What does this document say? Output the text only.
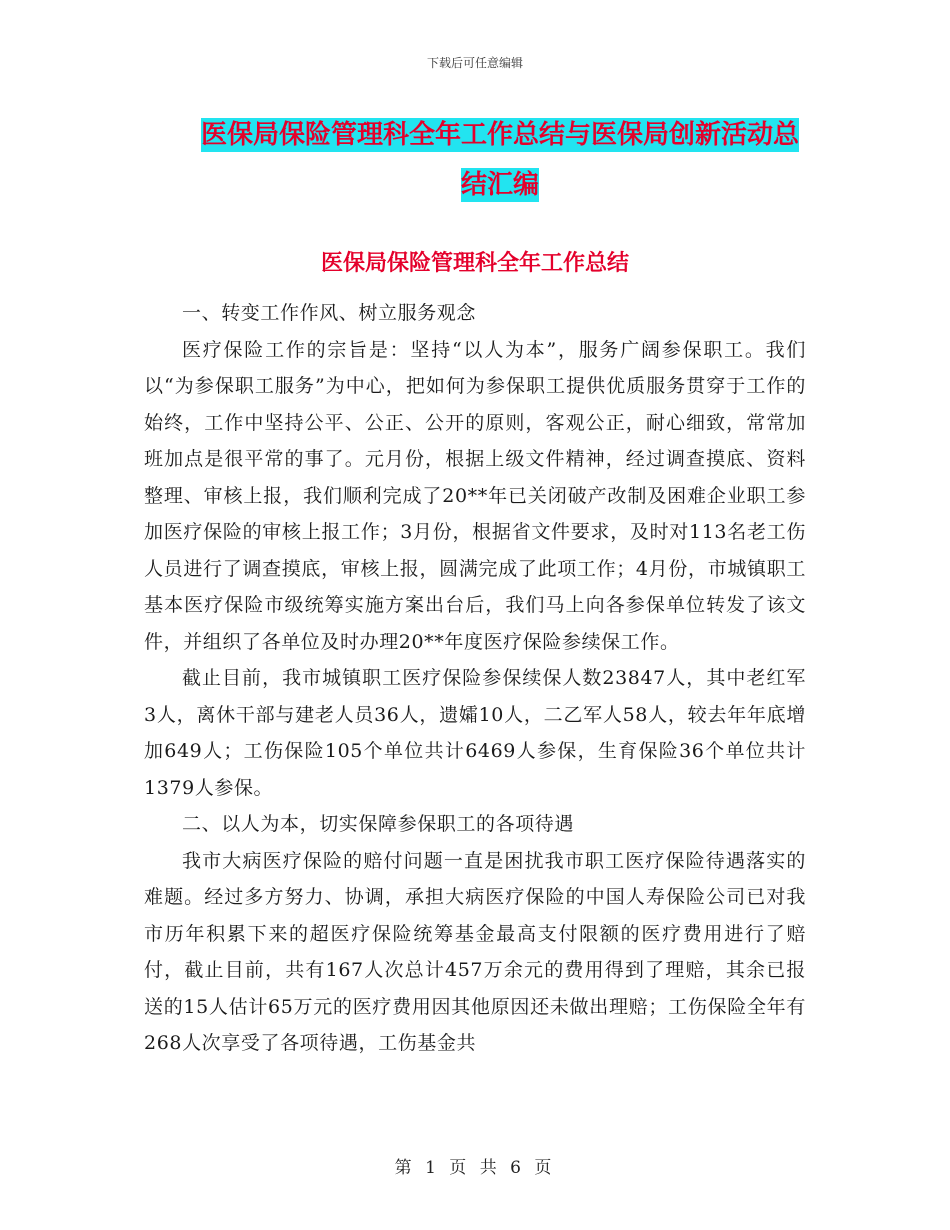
下载后可任意编辑
医保局保险管理科全年工作总结与医保局创新活动总
结汇编
医保局保险管理科全年工作总结

一、转变工作作风、树立服务观念

医疗保险工作的宗旨是：坚持“以人为本”，服务广阔参保职工。我们以“为参保职工服务”为中心，把如何为参保职工提供优质服务贯穿于工作的始终，工作中坚持公平、公正、公开的原则，客观公正，耐心细致，常常加班加点是很平常的事了。元月份，根据上级文件精神，经过调查摸底、资料整理、审核上报，我们顺利完成了20**年已关闭破产改制及困难企业职工参加医疗保险的审核上报工作；3月份，根据省文件要求，及时对113名老工伤人员进行了调查摸底，审核上报，圆满完成了此项工作；4月份，市城镇职工基本医疗保险市级统筹实施方案出台后，我们马上向各参保单位转发了该文件，并组织了各单位及时办理20**年度医疗保险参续保工作。

截止目前，我市城镇职工医疗保险参保续保人数23847人，其中老红军3人，离休干部与建老人员36人，遗孀10人，二乙军人58人，较去年年底增加649人；工伤保险105个单位共计6469人参保，生育保险36个单位共计1379人参保。

二、以人为本，切实保障参保职工的各项待遇

我市大病医疗保险的赔付问题一直是困扰我市职工医疗保险待遇落实的难题。经过多方努力、协调，承担大病医疗保险的中国人寿保险公司已对我市历年积累下来的超医疗保险统筹基金最高支付限额的医疗费用进行了赔付，截止目前，共有167人次总计457万余元的费用得到了理赔，其余已报送的15人估计65万元的医疗费用因其他原因还未做出理赔；工伤保险全年有268人次享受了各项待遇，工伤基金共

第 1 页 共 6 页
